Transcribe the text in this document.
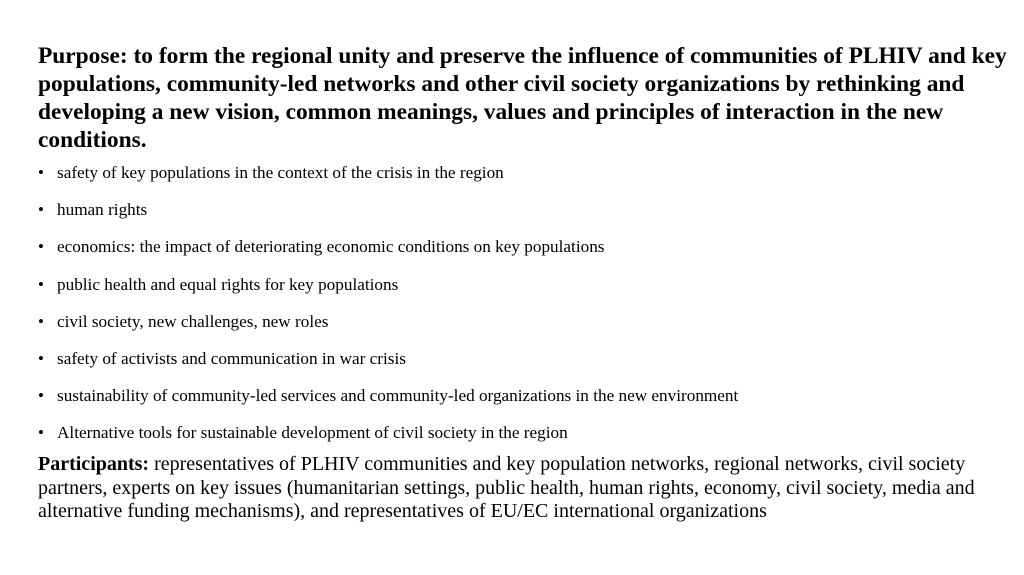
Purpose: to form the regional unity and preserve the influence of communities of PLHIV and key populations, community-led networks and other civil society organizations by rethinking and developing a new vision, common meanings, values and principles of interaction in the new conditions.

• safety of key populations in the context of the crisis in the region
• human rights
• economics: the impact of deteriorating economic conditions on key populations
• public health and equal rights for key populations
• civil society, new challenges, new roles
• safety of activists and communication in war crisis
• sustainability of community-led services and community-led organizations in the new environment
• Alternative tools for sustainable development of civil society in the region

Participants: representatives of PLHIV communities and key population networks, regional networks, civil society partners, experts on key issues (humanitarian settings, public health, human rights, economy, civil society, media and alternative funding mechanisms), and representatives of EU/EC international organizations
